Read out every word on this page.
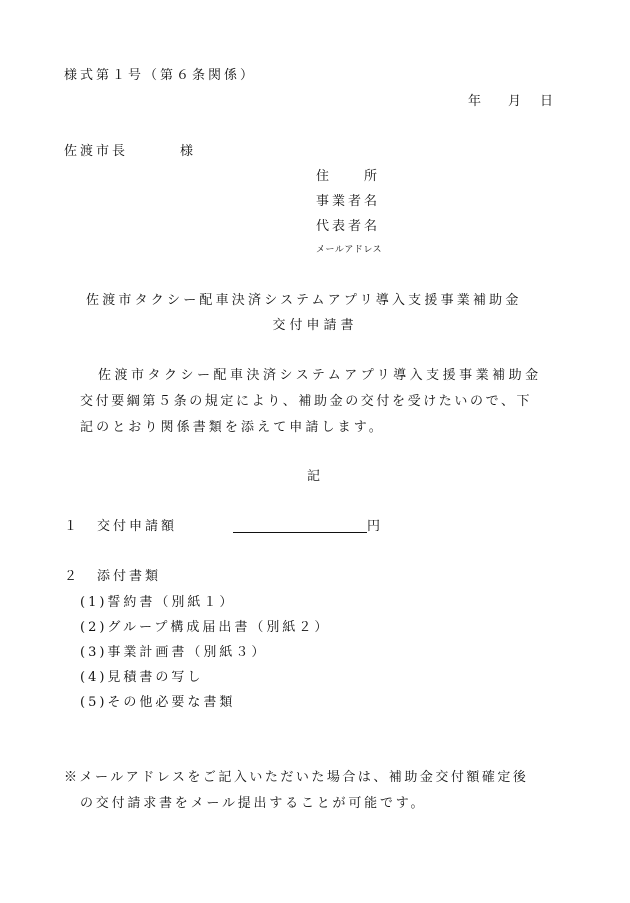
様式第１号（第６条関係）
年 月 日
佐渡市長	様
住　　所
事業者名
代表者名
メールアドレス
佐渡市タクシー配車決済システムアプリ導入支援事業補助金
交付申請書
佐渡市タクシー配車決済システムアプリ導入支援事業補助金
交付要綱第５条の規定により、補助金の交付を受けたいので、下
記のとおり関係書類を添えて申請します。
記
１ 交付申請額	円
２ 添付書類
(1)誓約書（別紙１）
(2)グループ構成届出書（別紙２）
(3)事業計画書（別紙３）
(4)見積書の写し
(5)その他必要な書類
※メールアドレスをご記入いただいた場合は、補助金交付額確定後
の交付請求書をメール提出することが可能です。
